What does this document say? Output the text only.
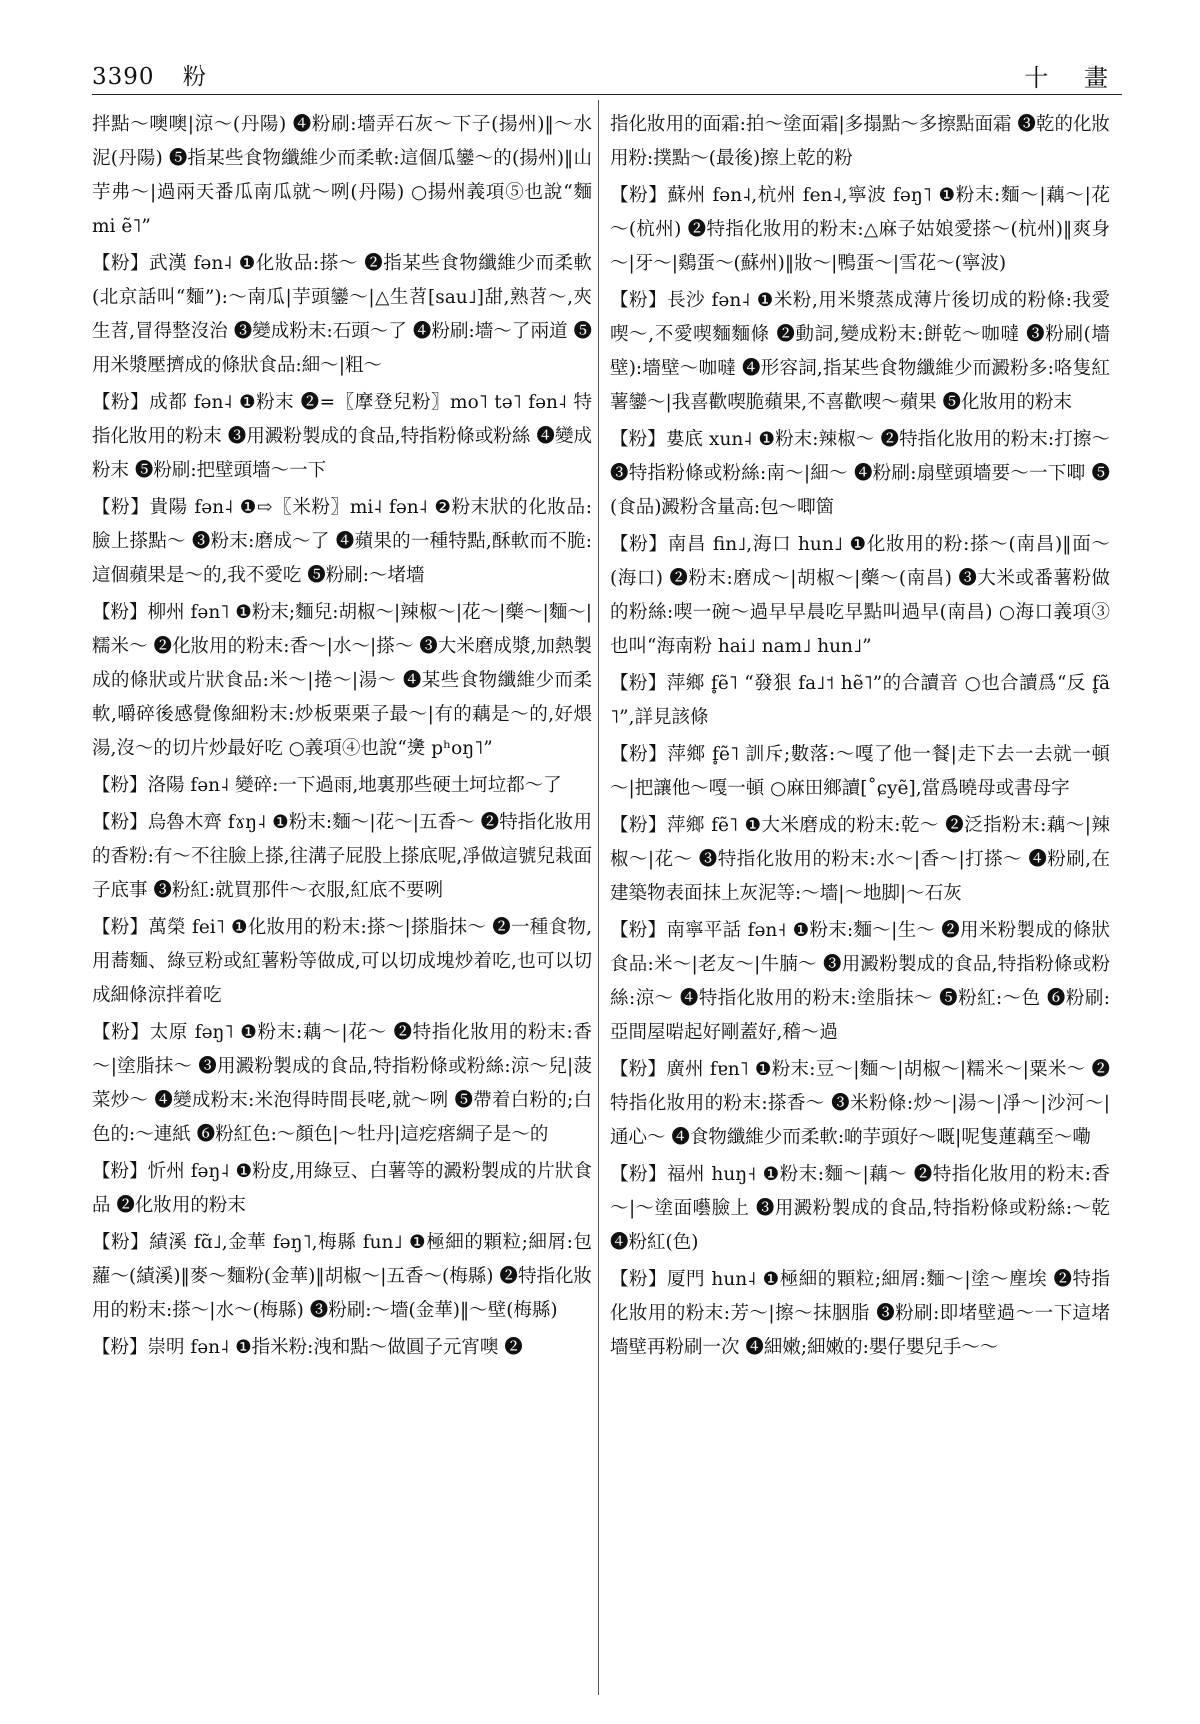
3390 粉	十 畫

拌點～噢噢|涼～(丹陽) ❹粉刷:墻弄石灰～下子(揚州)‖～水泥(丹陽) ❺指某些食物纖維少而柔軟:這個瓜鑾～的(揚州)‖山芋弗～|過兩天番瓜南瓜就～咧(丹陽) ○揚州義項⑤也說“麵 mi ẽ˥”

【粉】武漢 fən˨ ❶化妝品:搽～ ❷指某些食物纖維少而柔軟(北京話叫“麵”):～南瓜|芋頭鑾～|△生苕[sau˩]甜,熟苕～,夾生苕,冒得整沒治 ❸變成粉末:石頭～了 ❹粉刷:墻～了兩道 ❺用米漿壓擠成的條狀食品:細～|粗～

【粉】成都 fən˨ ❶粉末 ❷=〖摩登兒粉〗mo˥ tə˥ fən˨ 特指化妝用的粉末 ❸用澱粉製成的食品,特指粉條或粉絲 ❹變成粉末 ❺粉刷:把壁頭墻～一下

【粉】貴陽 fən˨ ❶⇨〖米粉〗mi˨ fən˨ ❷粉末狀的化妝品:臉上搽點～ ❸粉末:磨成～了 ❹蘋果的一種特點,酥軟而不脆:這個蘋果是～的,我不愛吃 ❺粉刷:～堵墻

【粉】柳州 fən˥ ❶粉末;麵兒:胡椒～|辣椒～|花～|藥～|麵～|糯米～ ❷化妝用的粉末:香～|水～|搽～ ❸大米磨成漿,加熱製成的條狀或片狀食品:米～|捲～|湯～ ❹某些食物纖維少而柔軟,嚼碎後感覺像細粉末:炒板栗栗子最～|有的藕是～的,好煨湯,沒～的切片炒最好吃 ○義項④也說“㷭 pʰoŋ˥”

【粉】洛陽 fən˨ 變碎:一下過雨,地裏那些硬土坷垃都～了

【粉】烏魯木齊 fɤŋ˨ ❶粉末:麵～|花～|五香～ ❷特指化妝用的香粉:有～不往臉上搽,往溝子屁股上搽底呢,凈做這號兒栽面子底事 ❸粉紅:就買那件～衣服,紅底不要咧

【粉】萬榮 fei˥ ❶化妝用的粉末:搽～|搽脂抹～ ❷一種食物,用蕎麵、綠豆粉或紅薯粉等做成,可以切成塊炒着吃,也可以切成細條涼拌着吃

【粉】太原 fəŋ˥ ❶粉末:藕～|花～ ❷特指化妝用的粉末:香～|塗脂抹～ ❸用澱粉製成的食品,特指粉條或粉絲:涼～兒|菠菜炒～ ❹變成粉末:米泡得時間長咾,就～咧 ❺帶着白粉的;白色的:～連紙 ❻粉紅色:～顏色|～牡丹|這疙瘩綢子是～的

【粉】忻州 fəŋ˨ ❶粉皮,用綠豆、白薯等的澱粉製成的片狀食品 ❷化妝用的粉末

【粉】績溪 fɑ̃˩,金華 fəŋ˥,梅縣 fun˩ ❶極細的顆粒;細屑:包蘿～(績溪)‖麥～麵粉(金華)‖胡椒～|五香～(梅縣) ❷特指化妝用的粉末:搽～|水～(梅縣) ❸粉刷:～墻(金華)‖～壁(梅縣)

【粉】崇明 fən˨ ❶指米粉:洩和點～做圓子元宵噢 ❷

指化妝用的面霜:拍～塗面霜|多搨點～多擦點面霜 ❸乾的化妝用粉:撲點～(最後)擦上乾的粉

【粉】蘇州 fən˨,杭州 fen˨,寧波 fəŋ˥ ❶粉末:麵～|藕～|花～(杭州) ❷特指化妝用的粉末:△麻子姑娘愛搽～(杭州)‖爽身～|牙～|鷄蛋～(蘇州)‖妝～|鴨蛋～|雪花～(寧波)

【粉】長沙 fən˨ ❶米粉,用米漿蒸成薄片後切成的粉條:我愛喫～,不愛喫麵麵條 ❷動詞,變成粉末:餅乾～咖噠 ❸粉刷(墻壁):墻壁～咖噠 ❹形容詞,指某些食物纖維少而澱粉多:咯隻紅薯鑾～|我喜歡喫脆蘋果,不喜歡喫～蘋果 ❺化妝用的粉末

【粉】婁底 xun˨ ❶粉末:辣椒～ ❷特指化妝用的粉末:打擦～ ❸特指粉條或粉絲:南～|細～ ❹粉刷:扇壁頭墻要～一下唧 ❺(食品)澱粉含量高:包～唧箇

【粉】南昌 fin˩,海口 hun˩ ❶化妝用的粉:搽～(南昌)‖面～(海口) ❷粉末:磨成～|胡椒～|藥～(南昌) ❸大米或番薯粉做的粉絲:喫一碗～過早早晨吃早點叫過早(南昌) ○海口義項③也叫“海南粉 hai˩ nam˩ hun˩”

【粉】萍鄉 f̥ẽ˥ “發狠 fa˩˦ hẽ˥”的合讀音 ○也合讀爲“反 f̥ã˥”,詳見該條

【粉】萍鄉 f̥ẽ˥ 訓斥;數落:～嘎了他一餐|走下去一去就一頓～|把讓他～嘎一頓 ○麻田鄉讀[˚ɕyẽ],當爲曉母或書母字

【粉】萍鄉 fẽ˥ ❶大米磨成的粉末:乾～ ❷泛指粉末:藕～|辣椒～|花～ ❸特指化妝用的粉末:水～|香～|打搽～ ❹粉刷,在建築物表面抹上灰泥等:～墻|～地脚|～石灰

【粉】南寧平話 fən˧ ❶粉末:麵～|生～ ❷用米粉製成的條狀食品:米～|老友～|牛腩～ ❸用澱粉製成的食品,特指粉條或粉絲:涼～ ❹特指化妝用的粉末:塗脂抹～ ❺粉紅:～色 ❻粉刷:亞間屋啱起好剛蓋好,稽～過

【粉】廣州 fɐn˥ ❶粉末:豆～|麵～|胡椒～|糯米～|粟米～ ❷特指化妝用的粉末:搽香～ ❸米粉條:炒～|湯～|凈～|沙河～|通心～ ❹食物纖維少而柔軟:啲芋頭好～嘅|呢隻蓮藕至～嘞

【粉】福州 huŋ˧ ❶粉末:麵～|藕～ ❷特指化妝用的粉末:香～|～塗面囈臉上 ❸用澱粉製成的食品,特指粉條或粉絲:～乾 ❹粉紅(色)

【粉】厦門 hun˨ ❶極細的顆粒;細屑:麵～|塗～塵埃 ❷特指化妝用的粉末:芳～|擦～抹胭脂 ❸粉刷:即堵壁過～一下這堵墻壁再粉刷一次 ❹細嫩;細嫩的:嬰仔嬰兒手～～
